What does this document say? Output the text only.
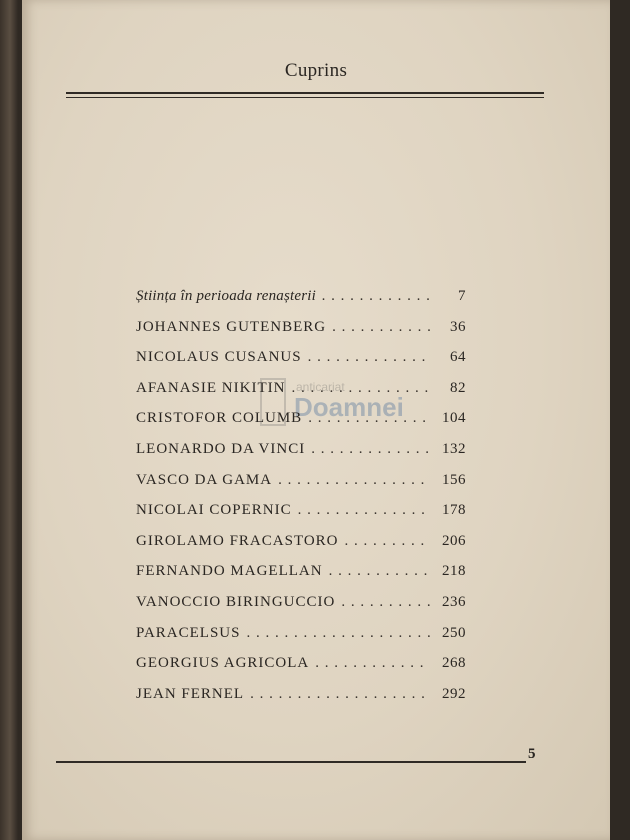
Cuprins
anticariat
Doamnei
Știința în perioada renașterii . . .	7
JOHANNES GUTENBERG . . .	36
NICOLAUS CUSANUS . . .	64
AFANASIE NIKITIN . . .	82
CRISTOFOR COLUMB . . .	104
LEONARDO DA VINCI . . .	132
VASCO DA GAMA . . .	156
NICOLAI COPERNIC . . .	178
GIROLAMO FRACASTORO . . .	206
FERNANDO MAGELLAN . . .	218
VANOCCIO BIRINGUCCIO . . .	236
PARACELSUS . . .	250
GEORGIUS AGRICOLA . . .	268
JEAN FERNEL . . .	292
5
